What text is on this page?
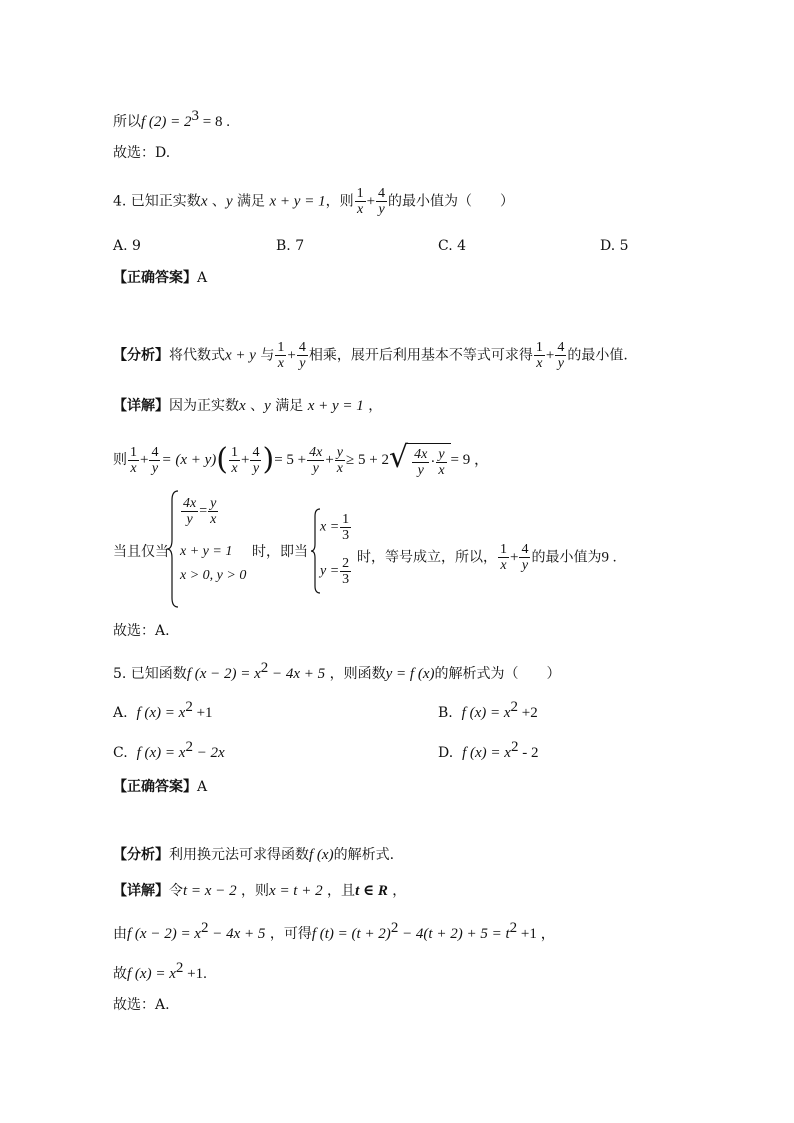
所以f $(2) = 2^3 = 8$ .
故选：D.
4. 已知正实数x 、y 满足 x + y = 1，则 $\frac{1}{x} + \frac{4}{y}$ 的最小值为（　　）
A. 9	B. 7	C. 4	D. 5
【正确答案】A
【分析】将代数式x + y 与 $\frac{1}{x} + \frac{4}{y}$ 相乘，展开后利用基本不等式可求得 $\frac{1}{x} + \frac{4}{y}$ 的最小值.
【详解】因为正实数x 、y 满足 x + y = 1 ，
则 $\frac{1}{x} + \frac{4}{y} = (x + y)( \frac{1}{x} + \frac{4}{y}$ )= $5 + \frac{4x}{y} + \frac{y}{x} \ge 5 + 2$ √ $\frac{4x}{y} \cdot \frac{y}{x} = 9$ ，
当且仅当
$\frac{4x}{y} = \frac{y}{x}$
x + y = 1
x > 0, y > 0
时，即当
$x = \frac{1}{3}$
$y = \frac{2}{3}$ 时，等号成立，所以， $\frac{1}{x} + \frac{4}{y}$ 的最小值为9 .
故选：A.
5. 已知函数f $(x - 2) = x^2 - 4x + 5$ ，则函数y = f (x)的解析式为（　　）
A. f $(x) = x^2 +1$	B. f $(x) = x^2 +2$
C. f $(x) = x^2 - 2x$	D. f $(x) = x^2 - 2$
【正确答案】A
【分析】利用换元法可求得函数f (x)的解析式.
【详解】令t = x − 2 ，则x = t + 2 ，且t ∈ R ，
由f $(x - 2) = x^2 - 4x + 5$ ，可得f $(t) = (t + 2)^2 - 4(t + 2) + 5 = t^2 +1$ ，
故f $(x) = x^2 +1$.
故选：A.
